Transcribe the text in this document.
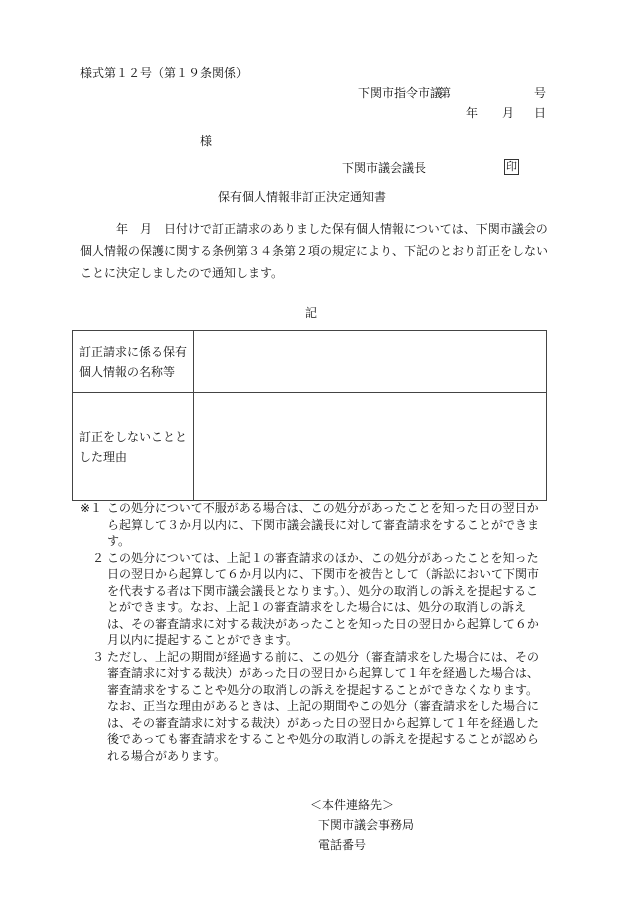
様式第１２号（第１９条関係）
下関市指令市議
第	号
年 月 日
様
下関市議会議長	印
保有個人情報非訂正決定通知書
年　月　日付けで訂正請求のありました保有個人情報については、下関市議会の個人情報の保護に関する条例第３４条第２項の規定により、下記のとおり訂正をしないことに決定しましたので通知します。
記
訂正請求に係る保有個人情報の名称等	
訂正をしないこととした理由	
※１ この処分について不服がある場合は、この処分があったことを知った日の翌日から起算して３か月以内に、下関市議会議長に対して審査請求をすることができます。
２ この処分については、上記１の審査請求のほか、この処分があったことを知った日の翌日から起算して６か月以内に、下関市を被告として（訴訟において下関市を代表する者は下関市議会議長となります。）、処分の取消しの訴えを提起することができます。なお、上記１の審査請求をした場合には、処分の取消しの訴えは、その審査請求に対する裁決があったことを知った日の翌日から起算して６か月以内に提起することができます。
３ ただし、上記の期間が経過する前に、この処分（審査請求をした場合には、その審査請求に対する裁決）があった日の翌日から起算して１年を経過した場合は、審査請求をすることや処分の取消しの訴えを提起することができなくなります。なお、正当な理由があるときは、上記の期間やこの処分（審査請求をした場合には、その審査請求に対する裁決）があった日の翌日から起算して１年を経過した後であっても審査請求をすることや処分の取消しの訴えを提起することが認められる場合があります。
＜本件連絡先＞
下関市議会事務局
電話番号
